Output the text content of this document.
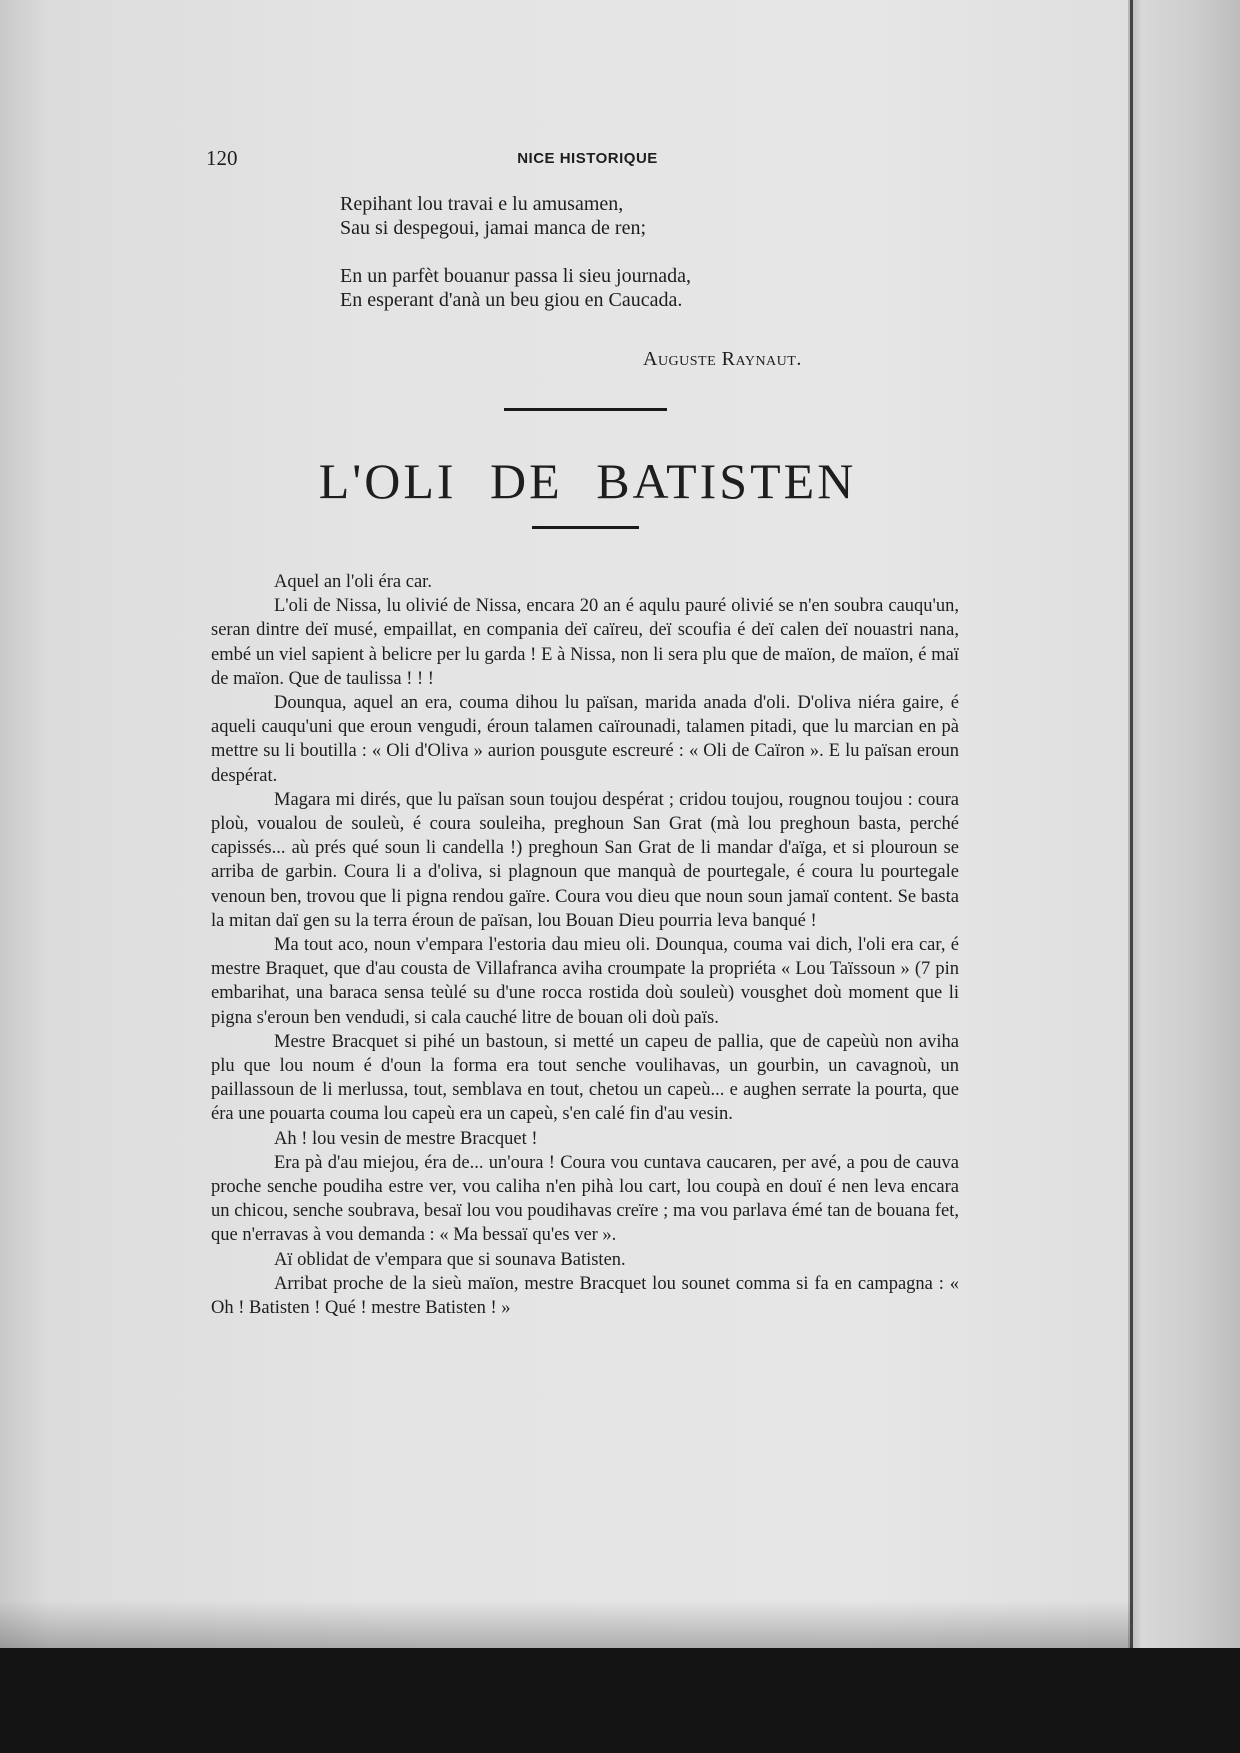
120	NICE HISTORIQUE
Repihant lou travai e lu amusamen,
Sau si despegoui, jamai manca de ren;
En un parfèt bouanur passa li sieu journada,
En esperant d'anà un beu giou en Caucada.
Auguste Raynaut.
L'OLI DE BATISTEN

Aquel an l'oli éra car.

L'oli de Nissa, lu olivié de Nissa, encara 20 an é aqulu pauré olivié se n'en soubra cauqu'un, seran dintre deï musé, empaillat, en compania deï caïreu, deï scoufia é deï calen deï nouastri nana, embé un viel sapient à belicre per lu garda ! E à Nissa, non li sera plu que de maïon, de maïon, é maï de maïon. Que de taulissa ! ! !

Dounqua, aquel an era, couma dihou lu païsan, marida anada d'oli. D'oliva niéra gaire, é aqueli cauqu'uni que eroun vengudi, éroun talamen caïrounadi, talamen pitadi, que lu marcian en pà mettre su li boutilla : « Oli d'Oliva » aurion pousgute escreuré : « Oli de Caïron ». E lu païsan eroun despérat.

Magara mi dirés, que lu païsan soun toujou despérat ; cridou toujou, rougnou toujou : coura ploù, voualou de souleù, é coura souleiha, preghoun San Grat (mà lou preghoun basta, perché capissés... aù prés qué soun li candella !) preghoun San Grat de li mandar d'aïga, et si plouroun se arriba de garbin. Coura li a d'oliva, si plagnoun que manquà de pourtegale, é coura lu pourtegale venoun ben, trovou que li pigna rendou gaïre. Coura vou dieu que noun soun jamaï content. Se basta la mitan daï gen su la terra éroun de païsan, lou Bouan Dieu pourria leva banqué !

Ma tout aco, noun v'empara l'estoria dau mieu oli. Dounqua, couma vai dich, l'oli era car, é mestre Braquet, que d'au cousta de Villafranca aviha croumpate la propriéta « Lou Taïssoun » (7 pin embarihat, una baraca sensa teùlé su d'une rocca rostida doù souleù) vousghet doù moment que li pigna s'eroun ben vendudi, si cala cauché litre de bouan oli doù païs.

Mestre Bracquet si pihé un bastoun, si metté un capeu de pallia, que de capeùù non aviha plu que lou noum é d'oun la forma era tout senche voulihavas, un gourbin, un cavagnoù, un paillassoun de li merlussa, tout, semblava en tout, chetou un capeù... e aughen serrate la pourta, que éra une pouarta couma lou capeù era un capeù, s'en calé fin d'au vesin.

Ah ! lou vesin de mestre Bracquet !

Era pà d'au miejou, éra de... un'oura ! Coura vou cuntava caucaren, per avé, a pou de cauva proche senche poudiha estre ver, vou caliha n'en pihà lou cart, lou coupà en douï é nen leva encara un chicou, senche soubrava, besaï lou vou poudihavas creïre ; ma vou parlava émé tan de bouana fet, que n'erravas à vou demanda : « Ma bessaï qu'es ver ».

Aï oblidat de v'empara que si sounava Batisten.

Arribat proche de la sieù maïon, mestre Bracquet lou sounet comma si fa en campagna : « Oh ! Batisten ! Qué ! mestre Batisten ! »
